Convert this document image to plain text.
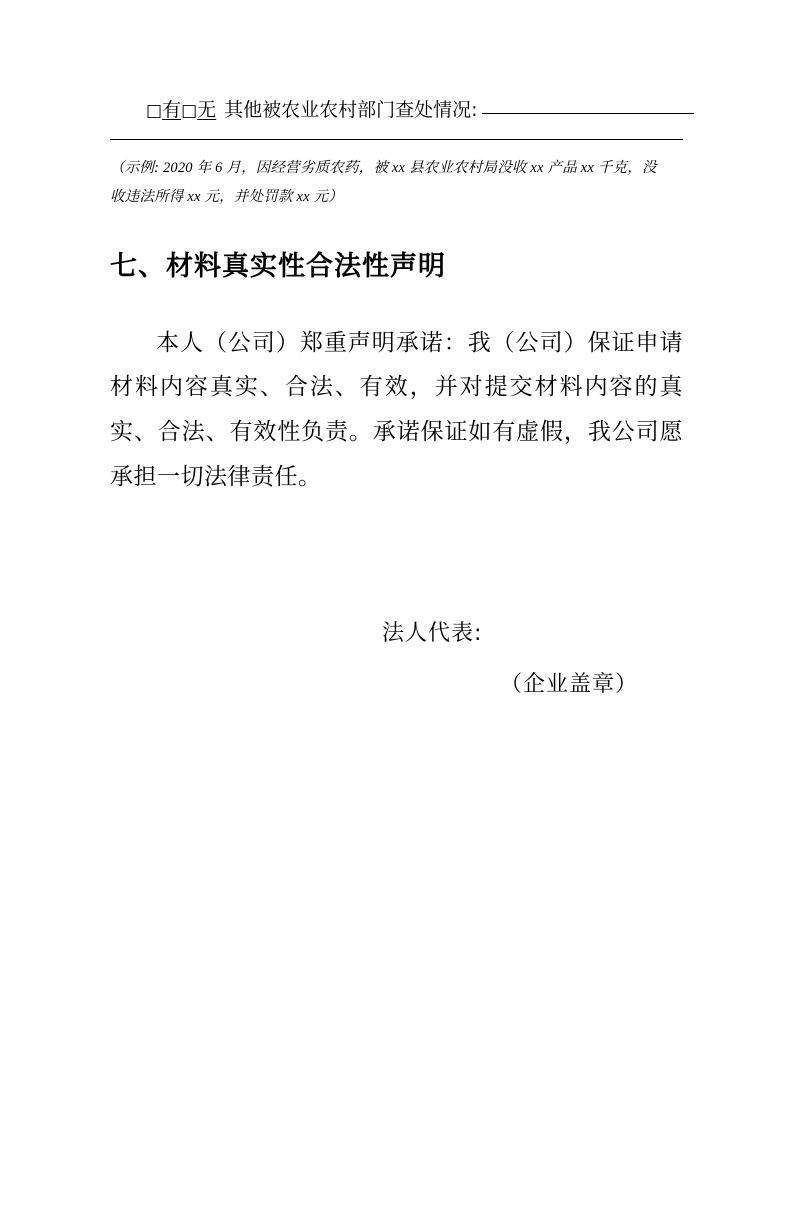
□有□无 其他被农业农村部门查处情况:
（示例: 2020 年 6 月，因经营劣质农药，被 xx 县农业农村局没收 xx 产品 xx 千克，没
收违法所得 xx 元，并处罚款 xx 元）
七、材料真实性合法性声明

本人（公司）郑重声明承诺：我（公司）保证申请材料内容真实、合法、有效，并对提交材料内容的真实、合法、有效性负责。承诺保证如有虚假，我公司愿承担一切法律责任。

法人代表:
（企业盖章）
